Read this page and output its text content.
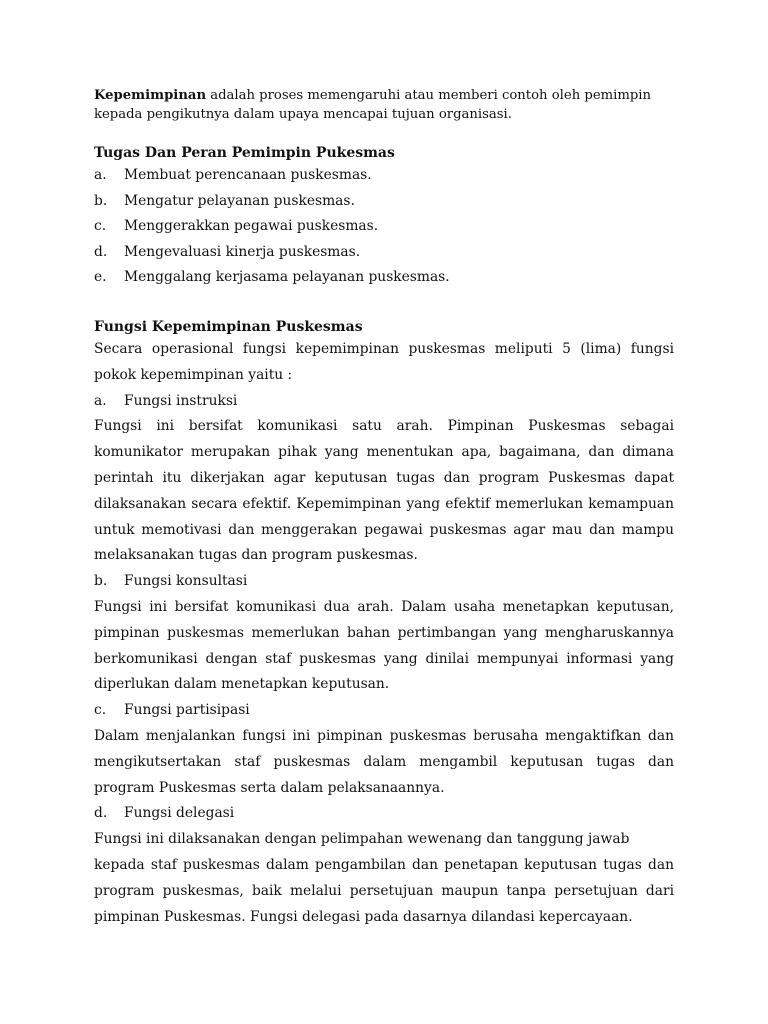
Kepemimpinan adalah proses memengaruhi atau memberi contoh oleh pemimpin kepada pengikutnya dalam upaya mencapai tujuan organisasi.

Tugas Dan Peran Pemimpin Pukesmas
a.	Membuat perencanaan puskesmas.
b.	Mengatur pelayanan puskesmas.
c.	Menggerakkan pegawai puskesmas.
d.	Mengevaluasi kinerja puskesmas.
e.	Menggalang kerjasama pelayanan puskesmas.
Fungsi Kepemimpinan Puskesmas

Secara operasional fungsi kepemimpinan puskesmas meliputi 5 (lima) fungsi pokok kepemimpinan yaitu :

a.	Fungsi instruksi

Fungsi ini bersifat komunikasi satu arah. Pimpinan Puskesmas sebagai komunikator merupakan pihak yang menentukan apa, bagaimana, dan dimana perintah itu dikerjakan agar keputusan tugas dan program Puskesmas dapat dilaksanakan secara efektif. Kepemimpinan yang efektif memerlukan kemampuan untuk memotivasi dan menggerakan pegawai puskesmas agar mau dan mampu melaksanakan tugas dan program puskesmas.

b.	Fungsi konsultasi

Fungsi ini bersifat komunikasi dua arah. Dalam usaha menetapkan keputusan, pimpinan puskesmas memerlukan bahan pertimbangan yang mengharuskannya berkomunikasi dengan staf puskesmas yang dinilai mempunyai informasi yang diperlukan dalam menetapkan keputusan.

c.	Fungsi partisipasi

Dalam menjalankan fungsi ini pimpinan puskesmas berusaha mengaktifkan dan mengikutsertakan staf puskesmas dalam mengambil keputusan tugas dan program Puskesmas serta dalam pelaksanaannya.

d.	Fungsi delegasi

Fungsi ini dilaksanakan dengan pelimpahan wewenang dan tanggung jawab

kepada staf puskesmas dalam pengambilan dan penetapan keputusan tugas dan program puskesmas, baik melalui persetujuan maupun tanpa persetujuan dari pimpinan Puskesmas. Fungsi delegasi pada dasarnya dilandasi kepercayaan.
